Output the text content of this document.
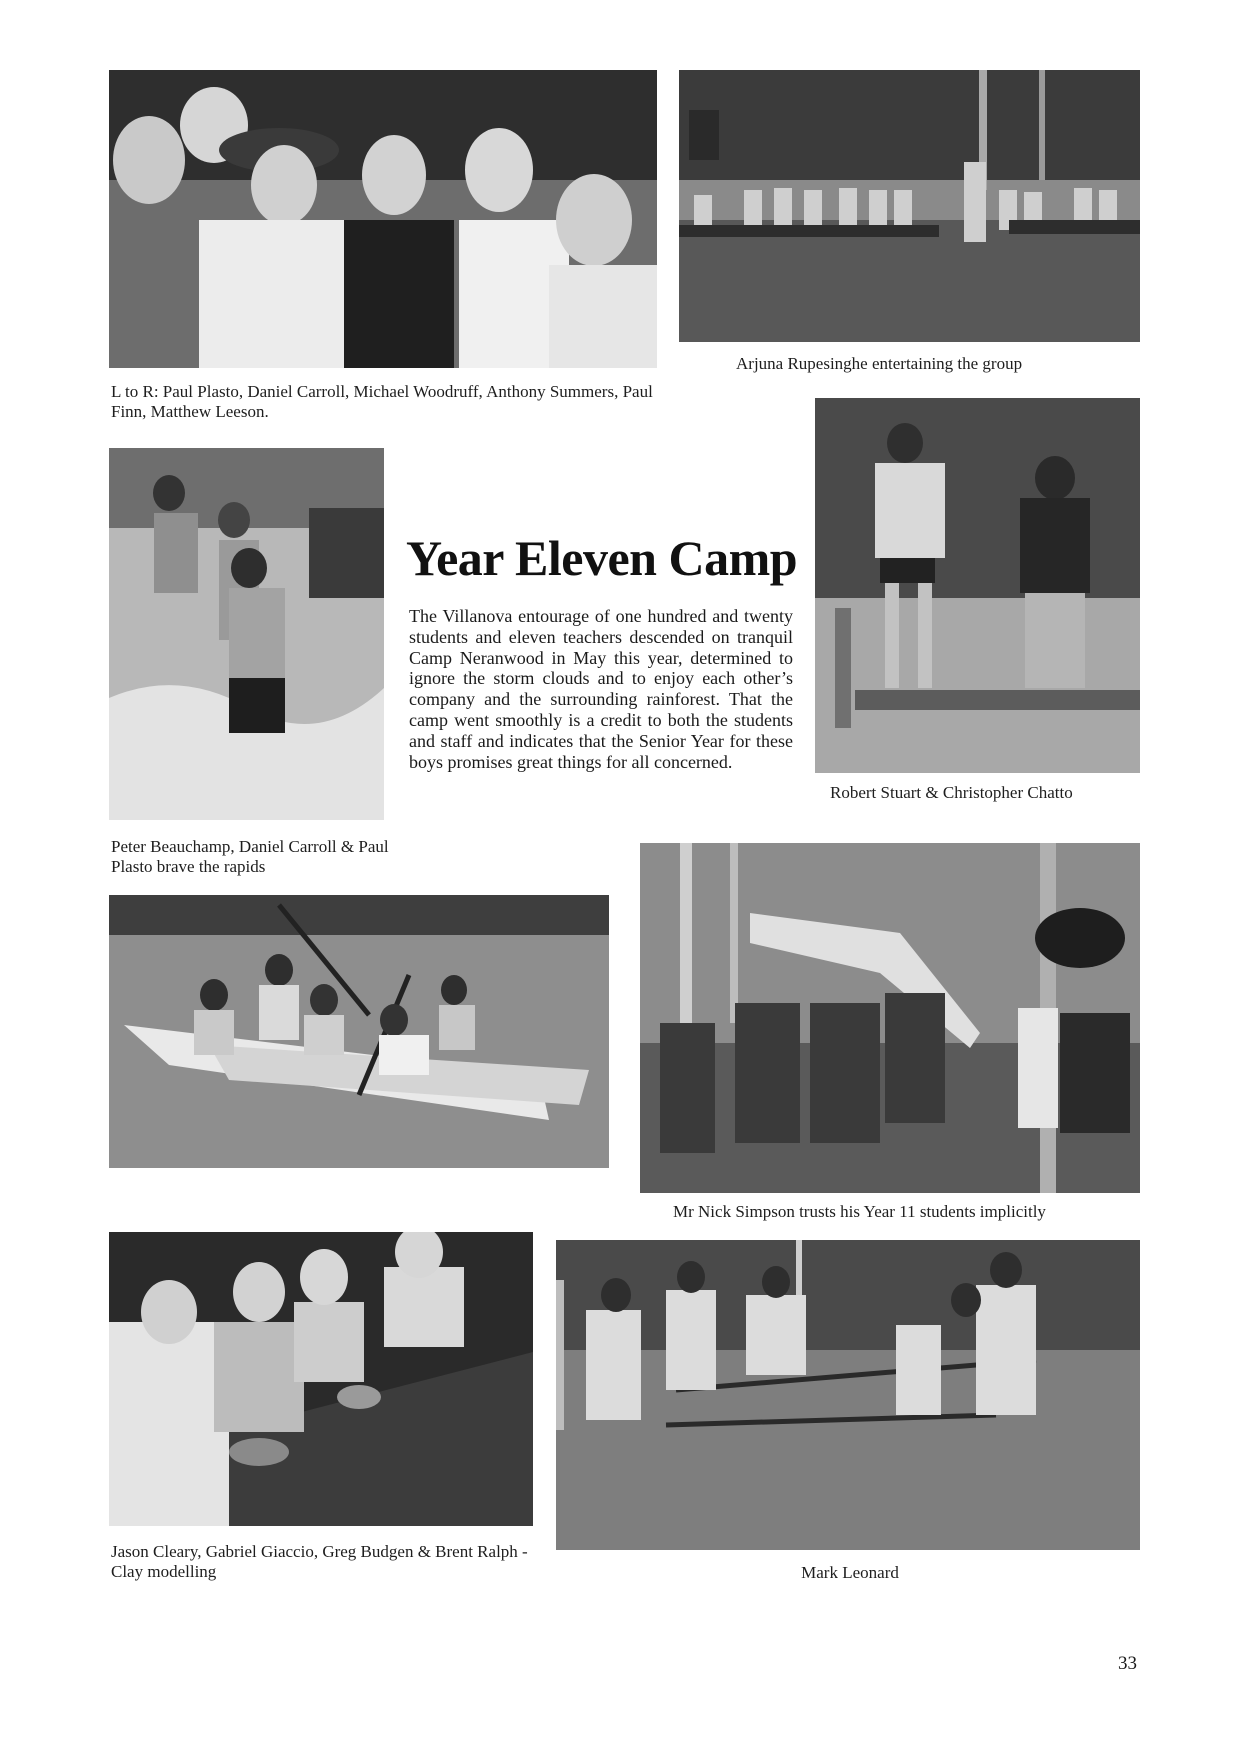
L to R: Paul Plasto, Daniel Carroll, Michael Woodruff, Anthony Summers, Paul Finn, Matthew Leeson.
Arjuna Rupesinghe entertaining the group
Peter Beauchamp, Daniel Carroll & Paul Plasto brave the rapids
Year Eleven Camp
The Villanova entourage of one hundred and twenty students and eleven teachers descended on tranquil Camp Neranwood in May this year, determined to ignore the storm clouds and to enjoy each other’s company and the surrounding rainforest. That the camp went smoothly is a credit to both the students and staff and indicates that the Senior Year for these boys promises great things for all concerned.
Robert Stuart & Christopher Chatto
Mr Nick Simpson trusts his Year 11 students implicitly
Jason Cleary, Gabriel Giaccio, Greg Budgen & Brent Ralph - Clay modelling	Mark Leonard
33
